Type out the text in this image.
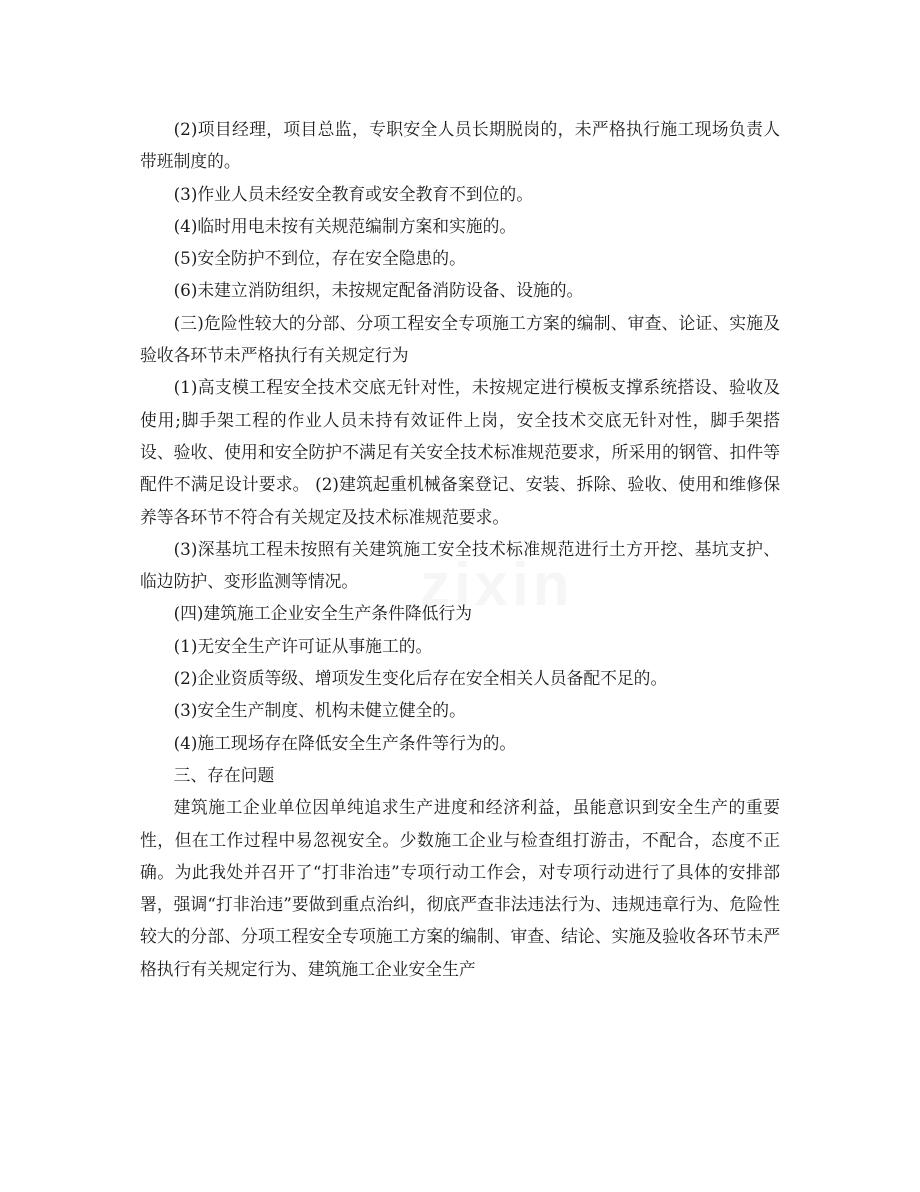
(2)项目经理，项目总监，专职安全人员长期脱岗的，未严格执行施工现场负责人带班制度的。

(3)作业人员未经安全教育或安全教育不到位的。

(4)临时用电未按有关规范编制方案和实施的。

(5)安全防护不到位，存在安全隐患的。

(6)未建立消防组织，未按规定配备消防设备、设施的。

(三)危险性较大的分部、分项工程安全专项施工方案的编制、审查、论证、实施及验收各环节未严格执行有关规定行为

(1)高支模工程安全技术交底无针对性，未按规定进行模板支撑系统搭设、验收及使用;脚手架工程的作业人员未持有效证件上岗，安全技术交底无针对性，脚手架搭设、验收、使用和安全防护不满足有关安全技术标准规范要求，所采用的钢管、扣件等配件不满足设计要求。 (2)建筑起重机械备案登记、安装、拆除、验收、使用和维修保养等各环节不符合有关规定及技术标准规范要求。

(3)深基坑工程未按照有关建筑施工安全技术标准规范进行土方开挖、基坑支护、临边防护、变形监测等情况。

(四)建筑施工企业安全生产条件降低行为

(1)无安全生产许可证从事施工的。

(2)企业资质等级、增项发生变化后存在安全相关人员备配不足的。

(3)安全生产制度、机构未健立健全的。

(4)施工现场存在降低安全生产条件等行为的。

三、存在问题

建筑施工企业单位因单纯追求生产进度和经济利益，虽能意识到安全生产的重要性，但在工作过程中易忽视安全。少数施工企业与检查组打游击，不配合，态度不正确。为此我处并召开了“打非治违”专项行动工作会，对专项行动进行了具体的安排部署，强调“打非治违”要做到重点治纠，彻底严查非法违法行为、违规违章行为、危险性较大的分部、分项工程安全专项施工方案的编制、审查、结论、实施及验收各环节未严格执行有关规定行为、建筑施工企业安全生产

zixin
